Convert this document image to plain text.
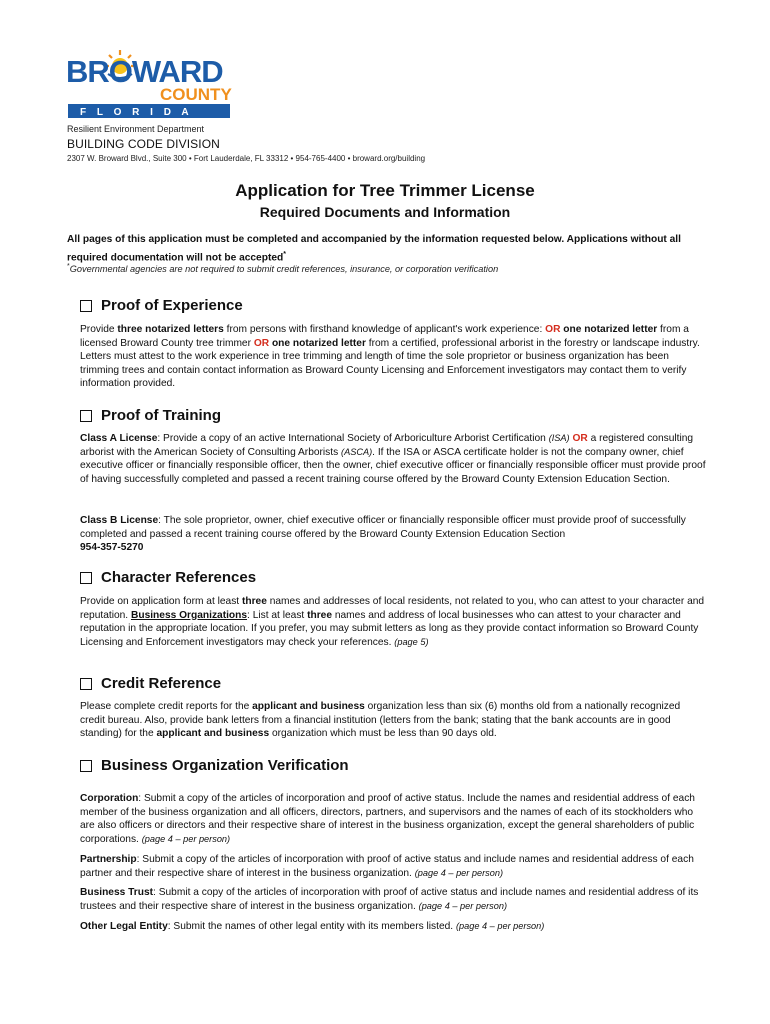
BROWARD
COUNTY
F L O R I D A
Resilient Environment Department
BUILDING CODE DIVISION
2307 W. Broward Blvd., Suite 300 • Fort Lauderdale, FL 33312 • 954-765-4400 • broward.org/building
Application for Tree Trimmer License
Required Documents and Information
All pages of this application must be completed and accompanied by the information requested below. Applications without all required documentation will not be accepted*
*Governmental agencies are not required to submit credit references, insurance, or corporation verification
Proof of Experience
Provide three notarized letters from persons with firsthand knowledge of applicant's work experience: OR one notarized letter from a licensed Broward County tree trimmer OR one notarized letter from a certified, professional arborist in the forestry or landscape industry. Letters must attest to the work experience in tree trimming and length of time the sole proprietor or business organization has been trimming trees and contain contact information as Broward County Licensing and Enforcement investigators may contact them to verify information provided.
Proof of Training
Class A License: Provide a copy of an active International Society of Arboriculture Arborist Certification (ISA) OR a registered consulting arborist with the American Society of Consulting Arborists (ASCA). If the ISA or ASCA certificate holder is not the company owner, chief executive officer or financially responsible officer, then the owner, chief executive officer or financially responsible officer must provide proof of having successfully completed and passed a recent training course offered by the Broward County Extension Education Section.
Class B License: The sole proprietor, owner, chief executive officer or financially responsible officer must provide proof of successfully completed and passed a recent training course offered by the Broward County Extension Education Section
954-357-5270
Character References
Provide on application form at least three names and addresses of local residents, not related to you, who can attest to your character and reputation. Business Organizations: List at least three names and address of local businesses who can attest to your character and reputation in the appropriate location. If you prefer, you may submit letters as long as they provide contact information so Broward County Licensing and Enforcement investigators may check your references. (page 5)
Credit Reference
Please complete credit reports for the applicant and business organization less than six (6) months old from a nationally recognized credit bureau. Also, provide bank letters from a financial institution (letters from the bank; stating that the bank accounts are in good standing) for the applicant and business organization which must be less than 90 days old.
Business Organization Verification
Corporation: Submit a copy of the articles of incorporation and proof of active status. Include the names and residential address of each member of the business organization and all officers, directors, partners, and supervisors and the names of each of its stockholders who are also officers or directors and their respective share of interest in the business organization, except the general shareholders of public corporations. (page 4 – per person)
Partnership: Submit a copy of the articles of incorporation with proof of active status and include names and residential address of each partner and their respective share of interest in the business organization. (page 4 – per person)
Business Trust: Submit a copy of the articles of incorporation with proof of active status and include names and residential address of its trustees and their respective share of interest in the business organization. (page 4 – per person)
Other Legal Entity: Submit the names of other legal entity with its members listed. (page 4 – per person)
